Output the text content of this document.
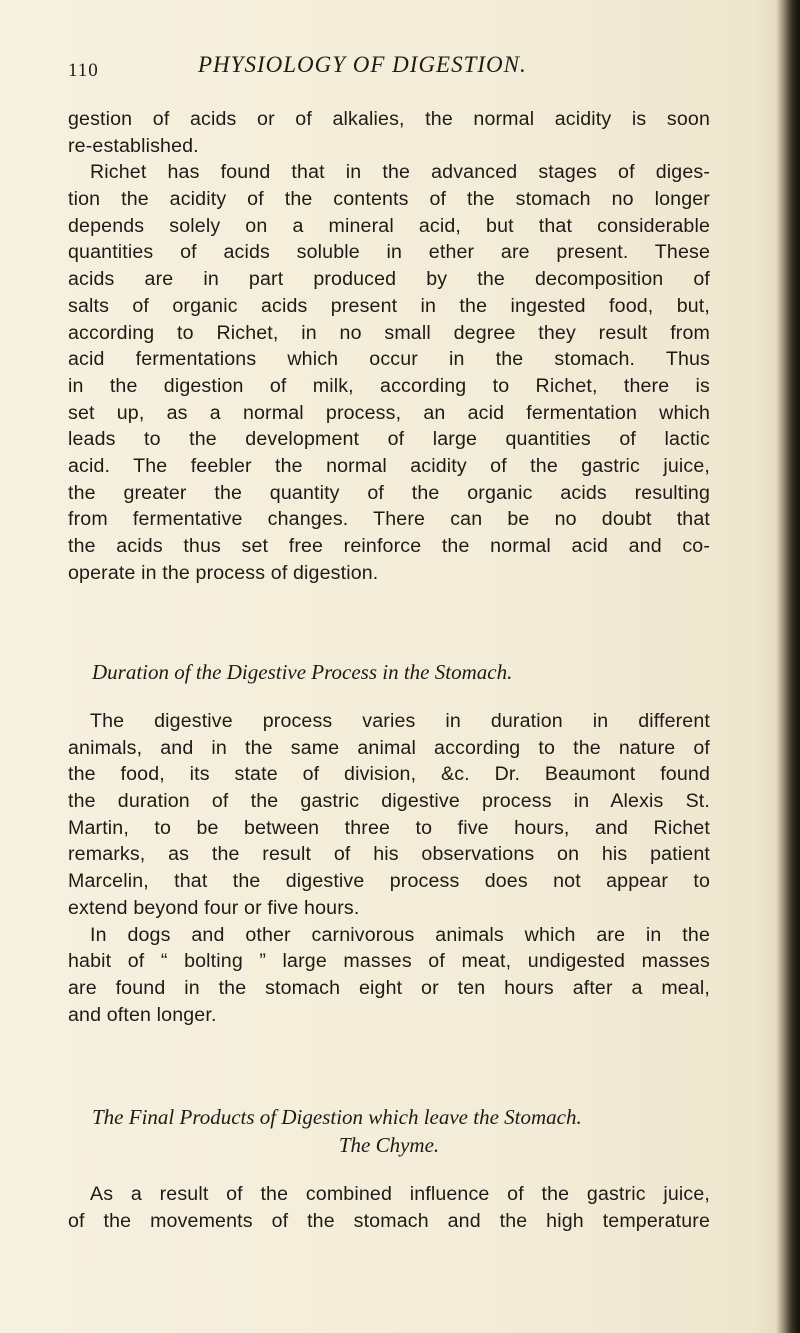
110	PHYSIOLOGY OF DIGESTION.
gestion of acids or of alkalies, the normal acidity is soon
re-established.
Richet has found that in the advanced stages of diges-
tion the acidity of the contents of the stomach no longer
depends solely on a mineral acid, but that considerable
quantities of acids soluble in ether are present. These
acids are in part produced by the decomposition of
salts of organic acids present in the ingested food, but,
according to Richet, in no small degree they result from
acid fermentations which occur in the stomach. Thus
in the digestion of milk, according to Richet, there is
set up, as a normal process, an acid fermentation which
leads to the development of large quantities of lactic
acid. The feebler the normal acidity of the gastric juice,
the greater the quantity of the organic acids resulting
from fermentative changes. There can be no doubt that
the acids thus set free reinforce the normal acid and co-
operate in the process of digestion.
Duration of the Digestive Process in the Stomach.
The digestive process varies in duration in different
animals, and in the same animal according to the nature of
the food, its state of division, &c. Dr. Beaumont found
the duration of the gastric digestive process in Alexis St.
Martin, to be between three to five hours, and Richet
remarks, as the result of his observations on his patient
Marcelin, that the digestive process does not appear to
extend beyond four or five hours.
In dogs and other carnivorous animals which are in the
habit of “ bolting ” large masses of meat, undigested masses
are found in the stomach eight or ten hours after a meal,
and often longer.
The Final Products of Digestion which leave the Stomach.
The Chyme.
As a result of the combined influence of the gastric juice,
of the movements of the stomach and the high temperature
